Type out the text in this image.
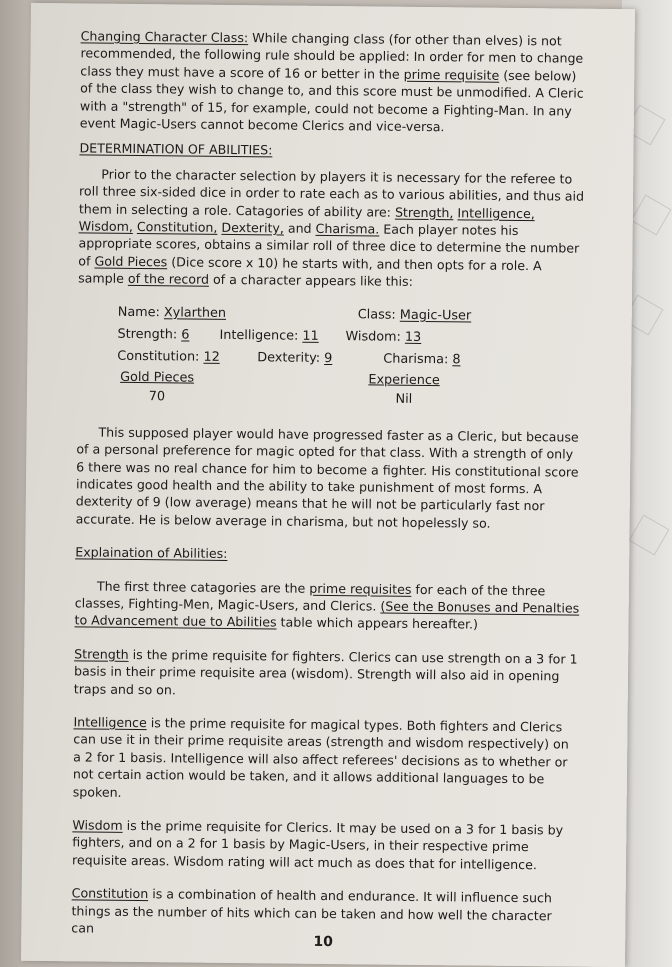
Changing Character Class: While changing class (for other than elves) is not recommended, the following rule should be applied: In order for men to change class they must have a score of 16 or better in the prime requisite (see below) of the class they wish to change to, and this score must be unmodified. A Cleric with a "strength" of 15, for example, could not become a Fighting-Man. In any event Magic-Users cannot become Clerics and vice-versa.

DETERMINATION OF ABILITIES:

Prior to the character selection by players it is necessary for the referee to roll three six-sided dice in order to rate each as to various abilities, and thus aid them in selecting a role. Catagories of ability are: Strength, Intelligence, Wisdom, Constitution, Dexterity, and Charisma. Each player notes his appropriate scores, obtains a similar roll of three dice to determine the number of Gold Pieces (Dice score x 10) he starts with, and then opts for a role. A sample of the record of a character appears like this:

Name: Xylarthen	Class: Magic-User
Strength: 6 Intelligence: 11 Wisdom: 13
Constitution: 12	Dexterity: 9	Charisma: 8
Gold Pieces
70
Experience
Nil

This supposed player would have progressed faster as a Cleric, but because of a personal preference for magic opted for that class. With a strength of only 6 there was no real chance for him to become a fighter. His constitutional score indicates good health and the ability to take punishment of most forms. A dexterity of 9 (low average) means that he will not be particularly fast nor accurate. He is below average in charisma, but not hopelessly so.

Explaination of Abilities:

The first three catagories are the prime requisites for each of the three classes, Fighting-Men, Magic-Users, and Clerics. (See the Bonuses and Penalties to Advancement due to Abilities table which appears hereafter.)

Strength is the prime requisite for fighters. Clerics can use strength on a 3 for 1 basis in their prime requisite area (wisdom). Strength will also aid in opening traps and so on.

Intelligence is the prime requisite for magical types. Both fighters and Clerics can use it in their prime requisite areas (strength and wisdom respectively) on a 2 for 1 basis. Intelligence will also affect referees' decisions as to whether or not certain action would be taken, and it allows additional languages to be spoken.

Wisdom is the prime requisite for Clerics. It may be used on a 3 for 1 basis by fighters, and on a 2 for 1 basis by Magic-Users, in their respective prime requisite areas. Wisdom rating will act much as does that for intelligence.

Constitution is a combination of health and endurance. It will influence such things as the number of hits which can be taken and how well the character can

10
